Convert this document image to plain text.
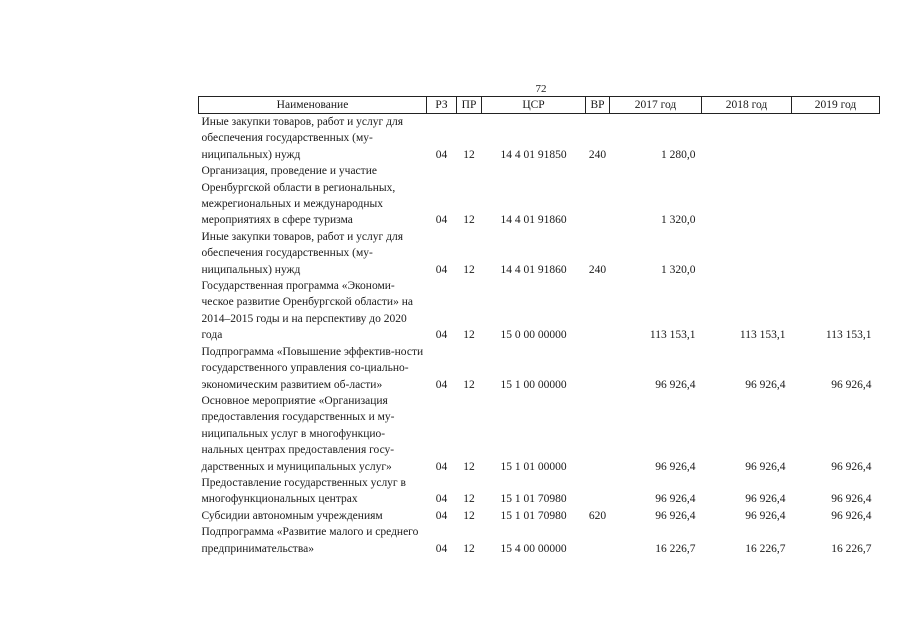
72
Наименование	РЗ	ПР	ЦСР	ВР	2017 год	2018 год	2019 год
Иные закупки товаров, работ и услуг для обеспечения государственных (му-ниципальных) нужд	04	12	14 4 01 91850	240	1 280,0		
Организация, проведение и участие Оренбургской области в региональных, межрегиональных и международных мероприятиях в сфере туризма	04	12	14 4 01 91860		1 320,0		
Иные закупки товаров, работ и услуг для обеспечения государственных (му-ниципальных) нужд	04	12	14 4 01 91860	240	1 320,0		
Государственная программа «Экономи-ческое развитие Оренбургской области» на 2014–2015 годы и на перспективу до 2020 года	04	12	15 0 00 00000		113 153,1	113 153,1	113 153,1
Подпрограмма «Повышение эффектив-ности государственного управления со-циально-экономическим развитием об-ласти»	04	12	15 1 00 00000		96 926,4	96 926,4	96 926,4
Основное мероприятие «Организация предоставления государственных и му-ниципальных услуг в многофункцио-нальных центрах предоставления госу-дарственных и муниципальных услуг»	04	12	15 1 01 00000		96 926,4	96 926,4	96 926,4
Предоставление государственных услуг в многофункциональных центрах	04	12	15 1 01 70980		96 926,4	96 926,4	96 926,4
Субсидии автономным учреждениям	04	12	15 1 01 70980	620	96 926,4	96 926,4	96 926,4
Подпрограмма «Развитие малого и среднего предпринимательства»	04	12	15 4 00 00000		16 226,7	16 226,7	16 226,7
